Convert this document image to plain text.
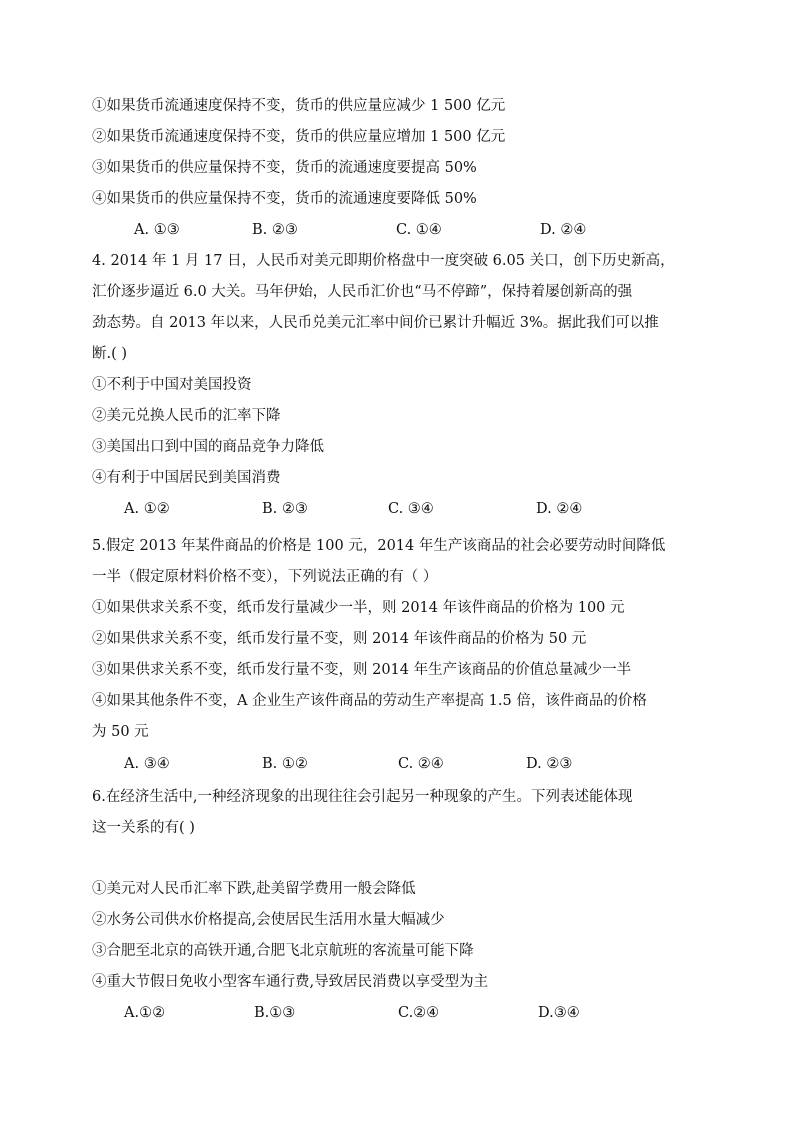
①如果货币流通速度保持不变，货币的供应量应减少 1 500 亿元
②如果货币流通速度保持不变，货币的供应量应增加 1 500 亿元
③如果货币的供应量保持不变，货币的流通速度要提高 50%
④如果货币的供应量保持不变，货币的流通速度要降低 50%
A. ①③	B. ②③	C. ①④	D. ②④
4. 2014 年 1 月 17 日，人民币对美元即期价格盘中一度突破 6.05 关口，创下历史新高，
汇价逐步逼近 6.0 大关。马年伊始，人民币汇价也“马不停蹄”，保持着屡创新高的强
劲态势。自 2013 年以来，人民币兑美元汇率中间价已累计升幅近 3%。据此我们可以推
断.( )
①不利于中国对美国投资
②美元兑换人民币的汇率下降
③美国出口到中国的商品竞争力降低
④有利于中国居民到美国消费
A. ①②	B. ②③	C. ③④	D. ②④
5.假定 2013 年某件商品的价格是 100 元，2014 年生产该商品的社会必要劳动时间降低
一半（假定原材料价格不变），下列说法正确的有（ ）
①如果供求关系不变，纸币发行量减少一半，则 2014 年该件商品的价格为 100 元
②如果供求关系不变，纸币发行量不变，则 2014 年该件商品的价格为 50 元
③如果供求关系不变，纸币发行量不变，则 2014 年生产该商品的价值总量减少一半
④如果其他条件不变，A 企业生产该件商品的劳动生产率提高 1.5 倍，该件商品的价格
为 50 元
A. ③④	B. ①②	C. ②④	D. ②③
6.在经济生活中,一种经济现象的出现往往会引起另一种现象的产生。下列表述能体现
这一关系的有( )
①美元对人民币汇率下跌,赴美留学费用一般会降低
②水务公司供水价格提高,会使居民生活用水量大幅减少
③合肥至北京的高铁开通,合肥飞北京航班的客流量可能下降
④重大节假日免收小型客车通行费,导致居民消费以享受型为主
A.①②	B.①③	C.②④	D.③④
